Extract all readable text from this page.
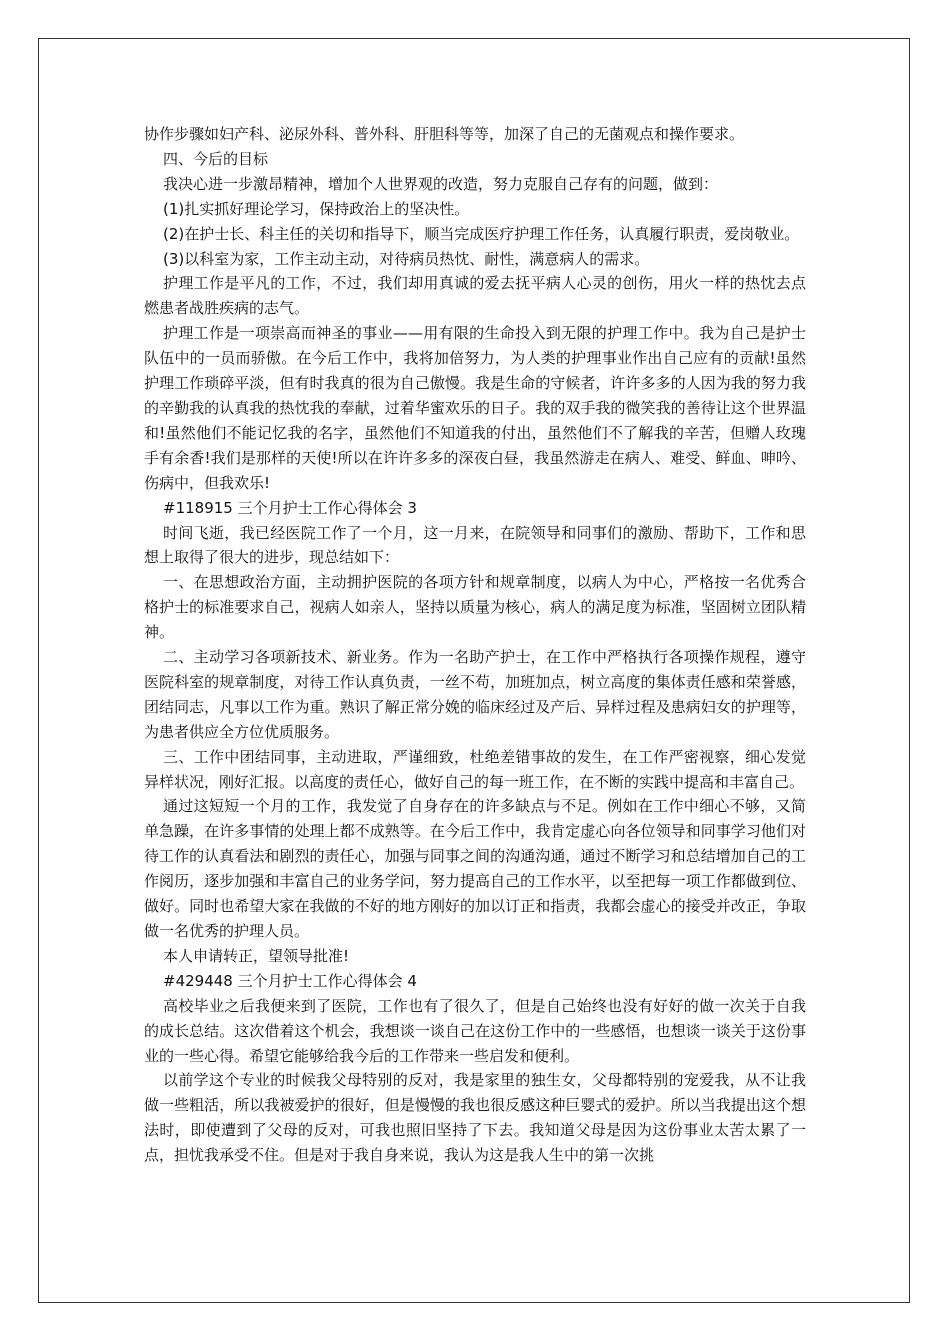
协作步骤如妇产科、泌尿外科、普外科、肝胆科等等，加深了自己的无菌观点和操作要求。

四、今后的目标

我决心进一步激昂精神，增加个人世界观的改造，努力克服自己存有的问题，做到：

(1)扎实抓好理论学习，保持政治上的坚决性。

(2)在护士长、科主任的关切和指导下，顺当完成医疗护理工作任务，认真履行职责，爱岗敬业。

(3)以科室为家，工作主动主动，对待病员热忱、耐性，满意病人的需求。

护理工作是平凡的工作，不过，我们却用真诚的爱去抚平病人心灵的创伤，用火一样的热忱去点燃患者战胜疾病的志气。

护理工作是一项崇高而神圣的事业——用有限的生命投入到无限的护理工作中。我为自己是护士队伍中的一员而骄傲。在今后工作中，我将加倍努力，为人类的护理事业作出自己应有的贡献!虽然护理工作琐碎平淡，但有时我真的很为自己傲慢。我是生命的守候者，许许多多的人因为我的努力我的辛勤我的认真我的热忱我的奉献，过着华蜜欢乐的日子。我的双手我的微笑我的善待让这个世界温和!虽然他们不能记忆我的名字，虽然他们不知道我的付出，虽然他们不了解我的辛苦，但赠人玫瑰手有余香!我们是那样的天使!所以在许许多多的深夜白昼，我虽然游走在病人、难受、鲜血、呻吟、伤病中，但我欢乐!

#118915 三个月护士工作心得体会 3

时间飞逝，我已经医院工作了一个月，这一月来，在院领导和同事们的激励、帮助下，工作和思想上取得了很大的进步，现总结如下：

一、在思想政治方面，主动拥护医院的各项方针和规章制度，以病人为中心，严格按一名优秀合格护士的标准要求自己，视病人如亲人，坚持以质量为核心，病人的满足度为标准，坚固树立团队精神。

二、主动学习各项新技术、新业务。作为一名助产护士，在工作中严格执行各项操作规程，遵守医院科室的规章制度，对待工作认真负责，一丝不苟，加班加点，树立高度的集体责任感和荣誉感，团结同志，凡事以工作为重。熟识了解正常分娩的临床经过及产后、异样过程及患病妇女的护理等，为患者供应全方位优质服务。

三、工作中团结同事，主动进取，严谨细致，杜绝差错事故的发生，在工作严密视察，细心发觉异样状况，刚好汇报。以高度的责任心，做好自己的每一班工作，在不断的实践中提高和丰富自己。

通过这短短一个月的工作，我发觉了自身存在的许多缺点与不足。例如在工作中细心不够，又简单急躁，在许多事情的处理上都不成熟等。在今后工作中，我肯定虚心向各位领导和同事学习他们对待工作的认真看法和剧烈的责任心，加强与同事之间的沟通沟通，通过不断学习和总结增加自己的工作阅历，逐步加强和丰富自己的业务学问，努力提高自己的工作水平，以至把每一项工作都做到位、做好。同时也希望大家在我做的不好的地方刚好的加以订正和指责，我都会虚心的接受并改正，争取做一名优秀的护理人员。

本人申请转正，望领导批准!

#429448 三个月护士工作心得体会 4

高校毕业之后我便来到了医院，工作也有了很久了，但是自己始终也没有好好的做一次关于自我的成长总结。这次借着这个机会，我想谈一谈自己在这份工作中的一些感悟，也想谈一谈关于这份事业的一些心得。希望它能够给我今后的工作带来一些启发和便利。

以前学这个专业的时候我父母特别的反对，我是家里的独生女，父母都特别的宠爱我，从不让我做一些粗活，所以我被爱护的很好，但是慢慢的我也很反感这种巨婴式的爱护。所以当我提出这个想法时，即使遭到了父母的反对，可我也照旧坚持了下去。我知道父母是因为这份事业太苦太累了一点，担忧我承受不住。但是对于我自身来说，我认为这是我人生中的第一次挑
